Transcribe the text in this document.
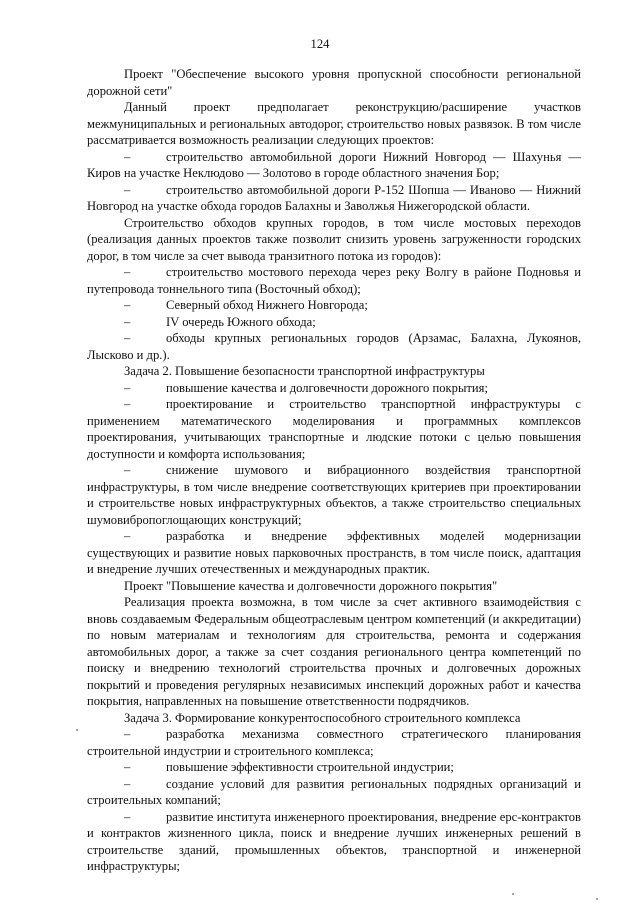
124

Проект "Обеспечение высокого уровня пропускной способности региональной дорожной сети"

Данный проект предполагает реконструкцию/расширение участков межмуниципальных и региональных автодорог, строительство новых развязок. В том числе рассматривается возможность реализации следующих проектов:

–	строительство автомобильной дороги Нижний Новгород — Шахунья — Киров на участке Неклюдово — Золотово в городе областного значения Бор;

–	строительство автомобильной дороги Р-152 Шопша — Иваново — Нижний Новгород на участке обхода городов Балахны и Заволжья Нижегородской области.

Строительство обходов крупных городов, в том числе мостовых переходов (реализация данных проектов также позволит снизить уровень загруженности городских дорог, в том числе за счет вывода транзитного потока из городов):

–	строительство мостового перехода через реку Волгу в районе Подновья и путепровода тоннельного типа (Восточный обход);

–	Северный обход Нижнего Новгорода;

–	IV очередь Южного обхода;

–	обходы крупных региональных городов (Арзамас, Балахна, Лукоянов, Лысково и др.).

Задача 2. Повышение безопасности транспортной инфраструктуры

–	повышение качества и долговечности дорожного покрытия;

–	проектирование и строительство транспортной инфраструктуры с применением математического моделирования и программных комплексов проектирования, учитывающих транспортные и людские потоки с целью повышения доступности и комфорта использования;

–	снижение шумового и вибрационного воздействия транспортной инфраструктуры, в том числе внедрение соответствующих критериев при проектировании и строительстве новых инфраструктурных объектов, а также строительство специальных шумовибропоглощающих конструкций;

–	разработка и внедрение эффективных моделей модернизации существующих и развитие новых парковочных пространств, в том числе поиск, адаптация и внедрение лучших отечественных и международных практик.

Проект "Повышение качества и долговечности дорожного покрытия"

Реализация проекта возможна, в том числе за счет активного взаимодействия с вновь создаваемым Федеральным общеотраслевым центром компетенций (и аккредитации) по новым материалам и технологиям для строительства, ремонта и содержания автомобильных дорог, а также за счет создания регионального центра компетенций по поиску и внедрению технологий строительства прочных и долговечных дорожных покрытий и проведения регулярных независимых инспекций дорожных работ и качества покрытия, направленных на повышение ответственности подрядчиков.

Задача 3. Формирование конкурентоспособного строительного комплекса

–	разработка механизма совместного стратегического планирования строительной индустрии и строительного комплекса;

–	повышение эффективности строительной индустрии;

–	создание условий для развития региональных подрядных организаций и строительных компаний;

–	развитие института инженерного проектирования, внедрение epc-контрактов и контрактов жизненного цикла, поиск и внедрение лучших инженерных решений в строительстве зданий, промышленных объектов, транспортной и инженерной инфраструктуры;
